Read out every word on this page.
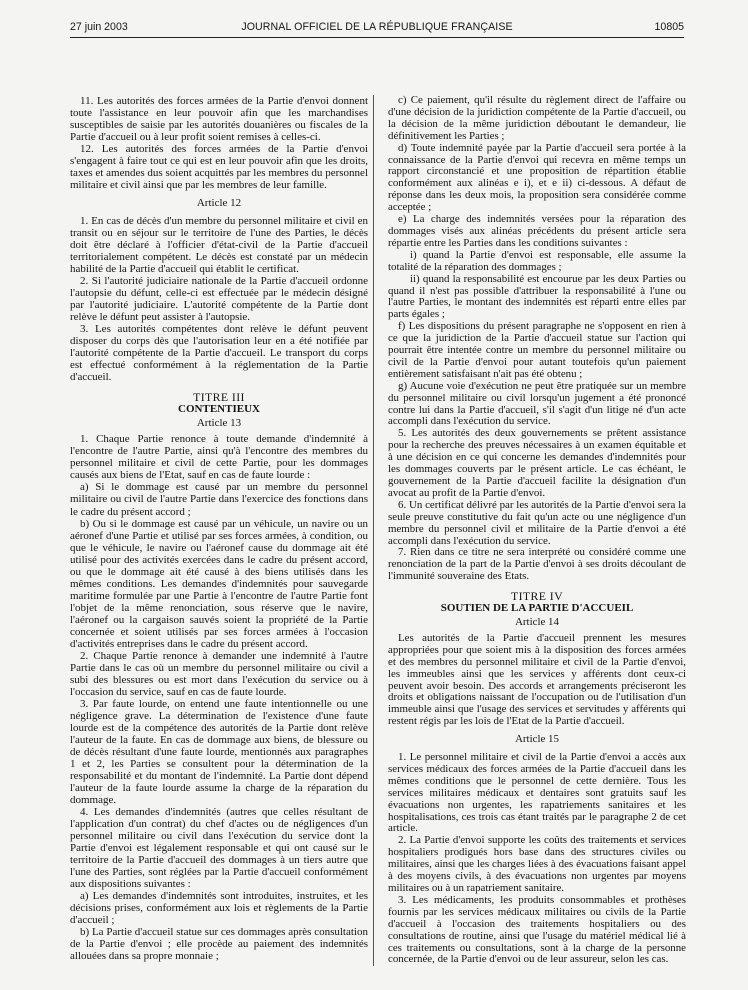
27 juin 2003	JOURNAL OFFICIEL DE LA RÉPUBLIQUE FRANÇAISE	10805

11. Les autorités des forces armées de la Partie d'envoi donnent toute l'assistance en leur pouvoir afin que les marchandises susceptibles de saisie par les autorités douanières ou fiscales de la Partie d'accueil ou à leur profit soient remises à celles-ci.

12. Les autorités des forces armées de la Partie d'envoi s'engagent à faire tout ce qui est en leur pouvoir afin que les droits, taxes et amendes dus soient acquittés par les membres du personnel militaire et civil ainsi que par les membres de leur famille.

Article 12

1. En cas de décès d'un membre du personnel militaire et civil en transit ou en séjour sur le territoire de l'une des Parties, le décès doit être déclaré à l'officier d'état-civil de la Partie d'accueil territorialement compétent. Le décès est constaté par un médecin habilité de la Partie d'accueil qui établit le certificat.

2. Si l'autorité judiciaire nationale de la Partie d'accueil ordonne l'autopsie du défunt, celle-ci est effectuée par le médecin désigné par l'autorité judiciaire. L'autorité compétente de la Partie dont relève le défunt peut assister à l'autopsie.

3. Les autorités compétentes dont relève le défunt peuvent disposer du corps dès que l'autorisation leur en a été notifiée par l'autorité compétente de la Partie d'accueil. Le transport du corps est effectué conformément à la réglementation de la Partie d'accueil.

TITRE III

CONTENTIEUX

Article 13

1. Chaque Partie renonce à toute demande d'indemnité à l'encontre de l'autre Partie, ainsi qu'à l'encontre des membres du personnel militaire et civil de cette Partie, pour les dommages causés aux biens de l'Etat, sauf en cas de faute lourde :

a) Si le dommage est causé par un membre du personnel militaire ou civil de l'autre Partie dans l'exercice des fonctions dans le cadre du présent accord ;

b) Ou si le dommage est causé par un véhicule, un navire ou un aéronef d'une Partie et utilisé par ses forces armées, à condition, ou que le véhicule, le navire ou l'aéronef cause du dommage ait été utilisé pour des activités exercées dans le cadre du présent accord, ou que le dommage ait été causé à des biens utilisés dans les mêmes conditions. Les demandes d'indemnités pour sauvegarde maritime formulée par une Partie à l'encontre de l'autre Partie font l'objet de la même renonciation, sous réserve que le navire, l'aéronef ou la cargaison sauvés soient la propriété de la Partie concernée et soient utilisés par ses forces armées à l'occasion d'activités entreprises dans le cadre du présent accord.

2. Chaque Partie renonce à demander une indemnité à l'autre Partie dans le cas où un membre du personnel militaire ou civil a subi des blessures ou est mort dans l'exécution du service ou à l'occasion du service, sauf en cas de faute lourde.

3. Par faute lourde, on entend une faute intentionnelle ou une négligence grave. La détermination de l'existence d'une faute lourde est de la compétence des autorités de la Partie dont relève l'auteur de la faute. En cas de dommage aux biens, de blessure ou de décès résultant d'une faute lourde, mentionnés aux paragraphes 1 et 2, les Parties se consultent pour la détermination de la responsabilité et du montant de l'indemnité. La Partie dont dépend l'auteur de la faute lourde assume la charge de la réparation du dommage.

4. Les demandes d'indemnités (autres que celles résultant de l'application d'un contrat) du chef d'actes ou de négligences d'un personnel militaire ou civil dans l'exécution du service dont la Partie d'envoi est légalement responsable et qui ont causé sur le territoire de la Partie d'accueil des dommages à un tiers autre que l'une des Parties, sont réglées par la Partie d'accueil conformément aux dispositions suivantes :

a) Les demandes d'indemnités sont introduites, instruites, et les décisions prises, conformément aux lois et règlements de la Partie d'accueil ;

b) La Partie d'accueil statue sur ces dommages après consultation de la Partie d'envoi ; elle procède au paiement des indemnités allouées dans sa propre monnaie ;

c) Ce paiement, qu'il résulte du règlement direct de l'affaire ou d'une décision de la juridiction compétente de la Partie d'accueil, ou la décision de la même juridiction déboutant le demandeur, lie définitivement les Parties ;

d) Toute indemnité payée par la Partie d'accueil sera portée à la connaissance de la Partie d'envoi qui recevra en même temps un rapport circonstancié et une proposition de répartition établie conformément aux alinéas e i), et e ii) ci-dessous. A défaut de réponse dans les deux mois, la proposition sera considérée comme acceptée ;

e) La charge des indemnités versées pour la réparation des dommages visés aux alinéas précédents du présent article sera répartie entre les Parties dans les conditions suivantes :

i) quand la Partie d'envoi est responsable, elle assume la totalité de la réparation des dommages ;

ii) quand la responsabilité est encourue par les deux Parties ou quand il n'est pas possible d'attribuer la responsabilité à l'une ou l'autre Parties, le montant des indemnités est réparti entre elles par parts égales ;

f) Les dispositions du présent paragraphe ne s'opposent en rien à ce que la juridiction de la Partie d'accueil statue sur l'action qui pourrait être intentée contre un membre du personnel militaire ou civil de la Partie d'envoi pour autant toutefois qu'un paiement entièrement satisfaisant n'ait pas été obtenu ;

g) Aucune voie d'exécution ne peut être pratiquée sur un membre du personnel militaire ou civil lorsqu'un jugement a été prononcé contre lui dans la Partie d'accueil, s'il s'agit d'un litige né d'un acte accompli dans l'exécution du service.

5. Les autorités des deux gouvernements se prêtent assistance pour la recherche des preuves nécessaires à un examen équitable et à une décision en ce qui concerne les demandes d'indemnités pour les dommages couverts par le présent article. Le cas échéant, le gouvernement de la Partie d'accueil facilite la désignation d'un avocat au profit de la Partie d'envoi.

6. Un certificat délivré par les autorités de la Partie d'envoi sera la seule preuve constitutive du fait qu'un acte ou une négligence d'un membre du personnel civil et militaire de la Partie d'envoi a été accompli dans l'exécution du service.

7. Rien dans ce titre ne sera interprété ou considéré comme une renonciation de la part de la Partie d'envoi à ses droits découlant de l'immunité souveraine des Etats.

TITRE IV

SOUTIEN DE LA PARTIE D'ACCUEIL

Article 14

Les autorités de la Partie d'accueil prennent les mesures appropriées pour que soient mis à la disposition des forces armées et des membres du personnel militaire et civil de la Partie d'envoi, les immeubles ainsi que les services y afférents dont ceux-ci peuvent avoir besoin. Des accords et arrangements préciseront les droits et obligations naissant de l'occupation ou de l'utilisation d'un immeuble ainsi que l'usage des services et servitudes y afférents qui restent régis par les lois de l'Etat de la Partie d'accueil.

Article 15

1. Le personnel militaire et civil de la Partie d'envoi a accès aux services médicaux des forces armées de la Partie d'accueil dans les mêmes conditions que le personnel de cette dernière. Tous les services militaires médicaux et dentaires sont gratuits sauf les évacuations non urgentes, les rapatriements sanitaires et les hospitalisations, ces trois cas étant traités par le paragraphe 2 de cet article.

2. La Partie d'envoi supporte les coûts des traitements et services hospitaliers prodigués hors base dans des structures civiles ou militaires, ainsi que les charges liées à des évacuations faisant appel à des moyens civils, à des évacuations non urgentes par moyens militaires ou à un rapatriement sanitaire.

3. Les médicaments, les produits consommables et prothèses fournis par les services médicaux militaires ou civils de la Partie d'accueil à l'occasion des traitements hospitaliers ou des consultations de routine, ainsi que l'usage du matériel médical lié à ces traitements ou consultations, sont à la charge de la personne concernée, de la Partie d'envoi ou de leur assureur, selon les cas.
